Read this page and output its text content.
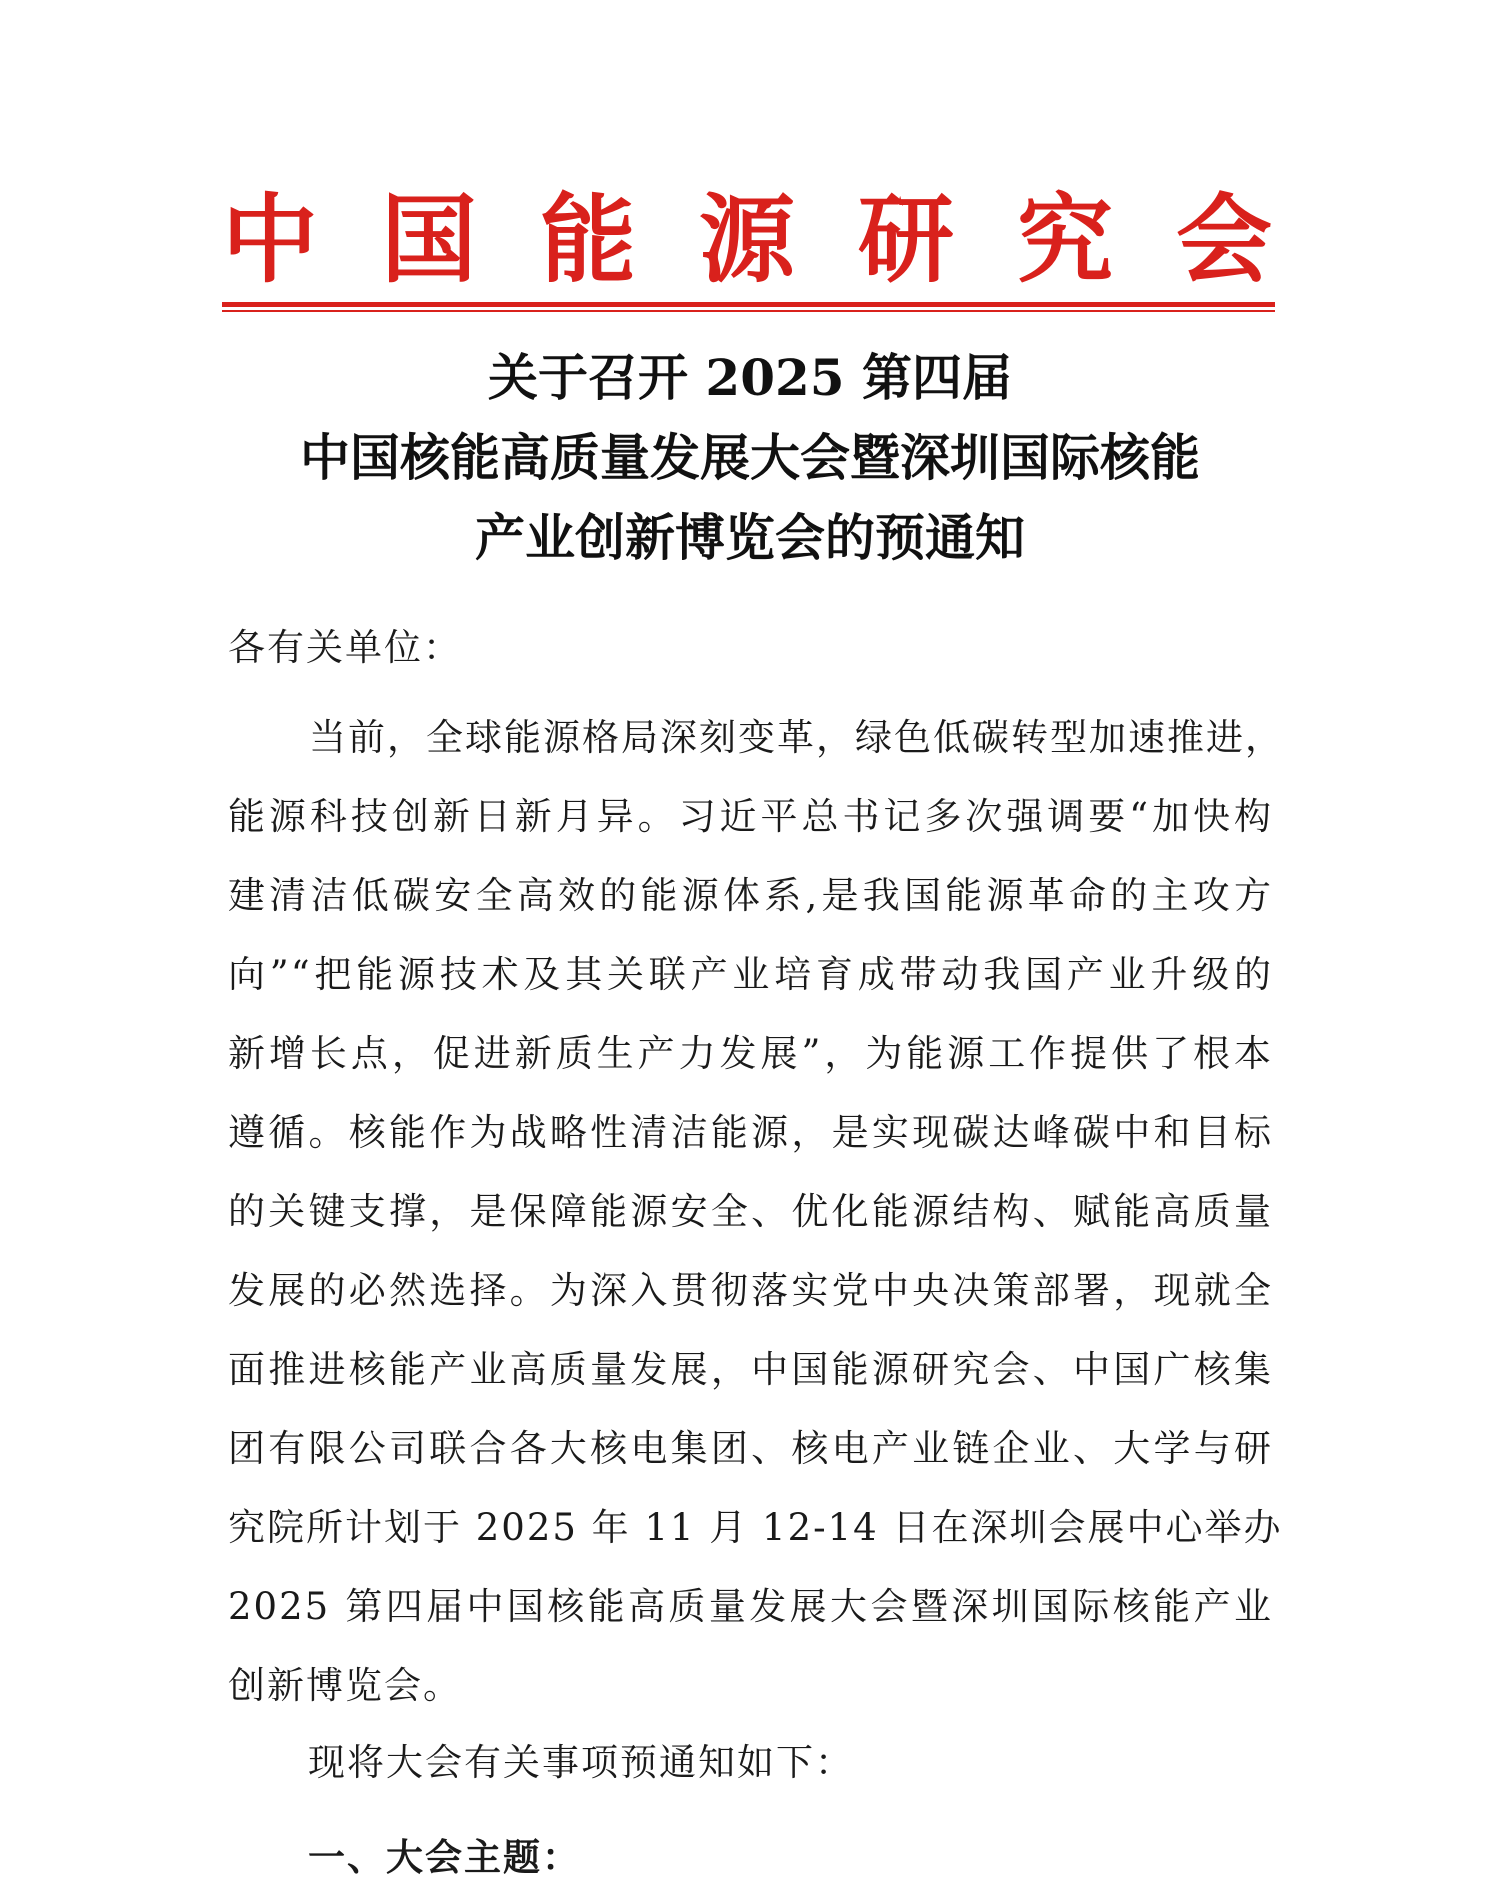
中 国 能 源 研 究 会
关于召开 2025 第四届
中国核能高质量发展大会暨深圳国际核能
产业创新博览会的预通知
各有关单位：
当前，全球能源格局深刻变革，绿色低碳转型加速推进，
能源科技创新日新月异。习近平总书记多次强调要“加快构
建清洁低碳安全高效的能源体系,是我国能源革命的主攻方
向”“把能源技术及其关联产业培育成带动我国产业升级的
新增长点，促进新质生产力发展”，为能源工作提供了根本
遵循。核能作为战略性清洁能源，是实现碳达峰碳中和目标
的关键支撑，是保障能源安全、优化能源结构、赋能高质量
发展的必然选择。为深入贯彻落实党中央决策部署，现就全
面推进核能产业高质量发展，中国能源研究会、中国广核集
团有限公司联合各大核电集团、核电产业链企业、大学与研
究院所计划于 2025 年 11 月 12-14 日在深圳会展中心举办
2025 第四届中国核能高质量发展大会暨深圳国际核能产业
创新博览会。
现将大会有关事项预通知如下：
一、大会主题：
